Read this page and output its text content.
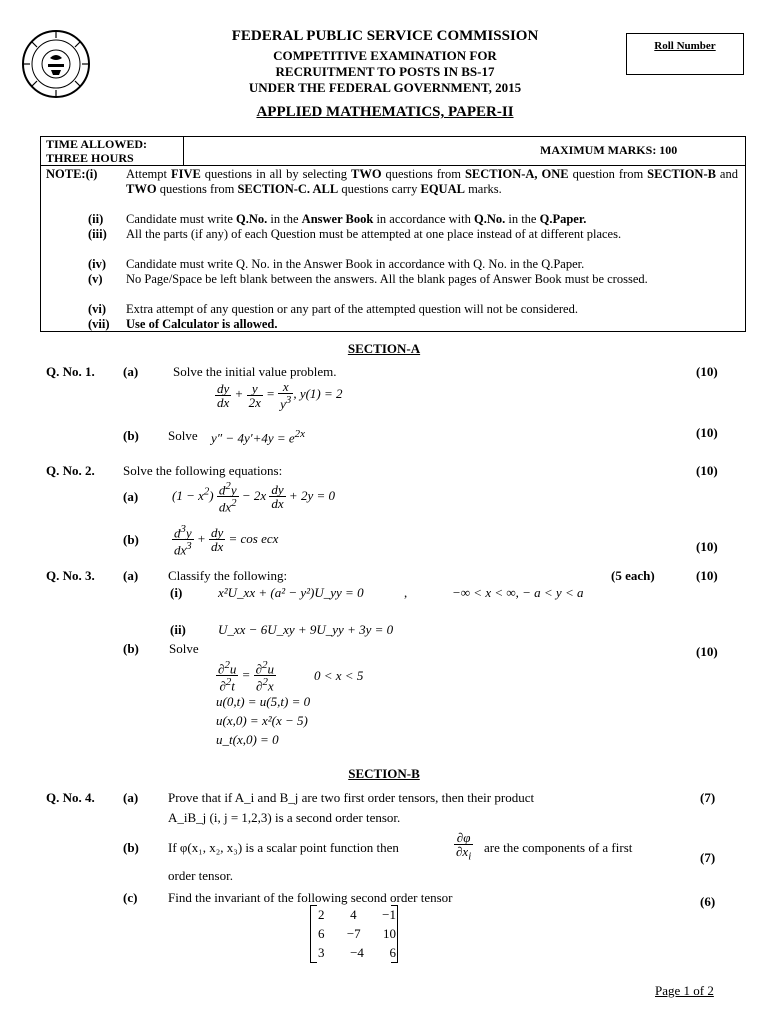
FEDERAL PUBLIC SERVICE COMMISSION
COMPETITIVE EXAMINATION FOR
RECRUITMENT TO POSTS IN BS-17
UNDER THE FEDERAL GOVERNMENT, 2015
APPLIED MATHEMATICS, PAPER-II
Roll Number
TIME ALLOWED:
THREE HOURS
MAXIMUM MARKS: 100
NOTE:(i) Attempt FIVE questions in all by selecting TWO questions from SECTION-A, ONE question from SECTION-B and TWO questions from SECTION-C. ALL questions carry EQUAL marks.
(ii) Candidate must write Q.No. in the Answer Book in accordance with Q.No. in the Q.Paper.
(iii) All the parts (if any) of each Question must be attempted at one place instead of at different places.
(iv) Candidate must write Q. No. in the Answer Book in accordance with Q. No. in the Q.Paper.
(v) No Page/Space be left blank between the answers. All the blank pages of Answer Book must be crossed.
(vi) Extra attempt of any question or any part of the attempted question will not be considered.
(vii) Use of Calculator is allowed.
SECTION-A
Q. No. 1. (a)	Solve the initial value problem.	(10)
$\frac{dy}{dx} + \frac{y}{2x} = \frac{x}{y^3}$ , y(1) = 2
(b) Solve $y'' - 4y'+4y = e^{2x}$	(10)
Q. No. 2. Solve the following equations:	(10)
(a)	$(1 - x^2) \frac{d^2y}{dx^2} - 2x \frac{dy}{dx} + 2y = 0$
(b)	$\frac{d^3y}{dx^3} + \frac{dy}{dx} = \cos$ ecx
(10)
Q. No. 3. (a) Classify the following:	(5 each)	(10)
(i)	x²U_xx + (a² − y²)U_yy = 0	,	−∞ < x < ∞, − a < y < a
(ii) U_xx − 6U_xy + 9U_yy + 3y = 0
(b) Solve	(10)
$\frac{\partial^2u}{\partial^2t} = \frac{\partial^2u}{\partial^2x}$	0 < x < 5
u(0,t) = u(5,t) = 0
u(x,0) = x²(x − 5)
u_t(x,0) = 0
SECTION-B
Q. No. 4. (a) Prove that if A_i and B_j are two first order tensors, then their product
A_iB_j (i, j = 1,2,3) is a second order tensor.
(7)
(b) If φ(x₁, x₂, x₃) is a scalar point function then	$\frac{\partial\varphi}{\partial x_i}$ are the components of a first
order tensor.
(7)
(c) Find the invariant of the following second order tensor	(6)
2 4 −1
6 −7 10
3 −4 6
Page 1 of 2
